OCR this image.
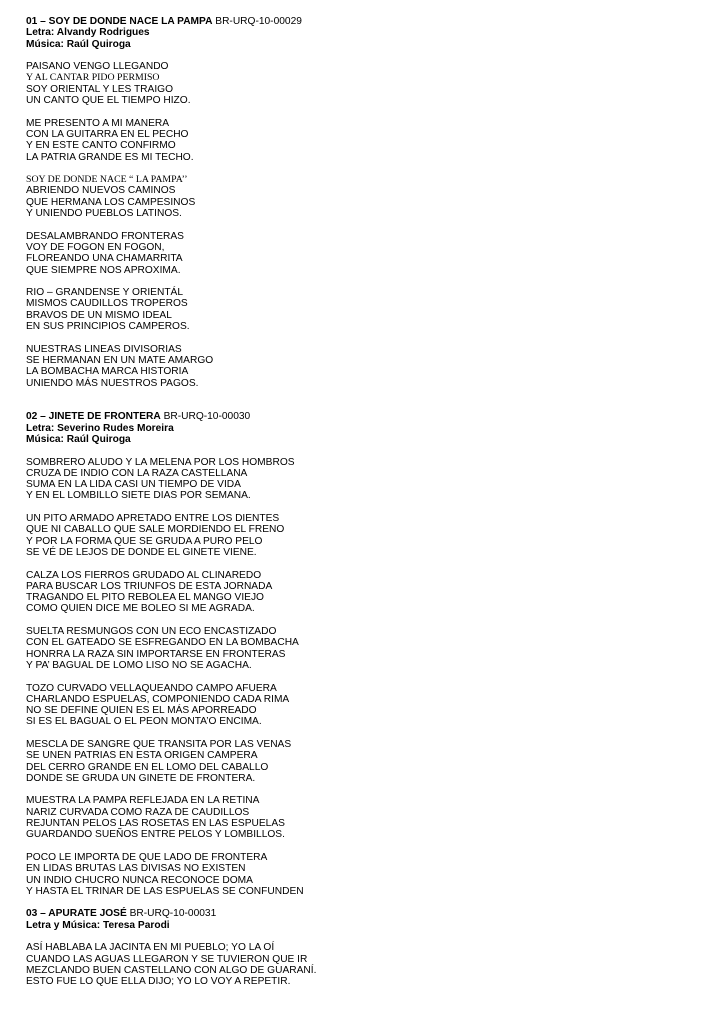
01 – SOY DE DONDE NACE LA PAMPA BR-URQ-10-00029

Letra: Alvandy Rodrigues

Música: Raúl Quiroga

PAISANO VENGO LLEGANDO

Y AL CANTAR PIDO PERMISO

SOY ORIENTAL Y LES TRAIGO

UN CANTO QUE EL TIEMPO HIZO.

ME PRESENTO A MI MANERA

CON LA GUITARRA EN EL PECHO

Y EN ESTE CANTO CONFIRMO

LA PATRIA GRANDE ES MI TECHO.

SOY DE DONDE NACE “ LA PAMPA’’

ABRIENDO NUEVOS CAMINOS

QUE HERMANA LOS CAMPESINOS

Y UNIENDO PUEBLOS LATINOS.

DESALAMBRANDO FRONTERAS

VOY DE FOGON EN FOGON,

FLOREANDO UNA CHAMARRITA

QUE SIEMPRE NOS APROXIMA.

RIO – GRANDENSE Y ORIENTÁL

MISMOS CAUDILLOS TROPEROS

BRAVOS DE UN MISMO IDEAL

EN SUS PRINCIPIOS CAMPEROS.

NUESTRAS LINEAS DIVISORIAS

SE HERMANAN EN UN MATE AMARGO

LA BOMBACHA MARCA HISTORIA

UNIENDO MÁS NUESTROS PAGOS.

02 – JINETE DE FRONTERA BR-URQ-10-00030

Letra: Severino Rudes Moreira

Música: Raúl Quiroga

SOMBRERO ALUDO Y LA MELENA POR LOS HOMBROS

CRUZA DE INDIO CON LA RAZA CASTELLANA

SUMA EN LA LIDA CASI UN TIEMPO DE VIDA

Y EN EL LOMBILLO SIETE DIAS POR SEMANA.

UN PITO ARMADO APRETADO ENTRE LOS DIENTES

QUE NI CABALLO QUE SALE MORDIENDO EL FRENO

Y POR LA FORMA QUE SE GRUDA A PURO PELO

SE VÉ DE LEJOS DE DONDE EL GINETE VIENE.

CALZA LOS FIERROS GRUDADO AL CLINAREDO

PARA BUSCAR LOS TRIUNFOS DE ESTA JORNADA

TRAGANDO EL PITO REBOLEA EL MANGO VIEJO

COMO QUIEN DICE ME BOLEO SI ME AGRADA.

SUELTA RESMUNGOS CON UN ECO ENCASTIZADO

CON EL GATEADO SE ESFREGANDO EN LA BOMBACHA

HONRRA LA RAZA SIN IMPORTARSE EN FRONTERAS

Y PA’ BAGUAL DE LOMO LISO NO SE AGACHA.

TOZO CURVADO VELLAQUEANDO CAMPO AFUERA

CHARLANDO ESPUELAS, COMPONIENDO CADA RIMA

NO SE DEFINE QUIEN ES EL MÁS APORREADO

SI ES EL BAGUAL O EL PEON MONTA’O ENCIMA.

MESCLA DE SANGRE QUE TRANSITA POR LAS VENAS

SE UNEN PATRIAS EN ESTA ORIGEN CAMPERA

DEL CERRO GRANDE EN EL LOMO DEL CABALLO

DONDE SE GRUDA UN GINETE DE FRONTERA.

MUESTRA LA PAMPA REFLEJADA EN LA RETINA

NARIZ CURVADA COMO RAZA DE CAUDILLOS

REJUNTAN PELOS LAS ROSETAS EN LAS ESPUELAS

GUARDANDO SUEÑOS ENTRE PELOS Y LOMBILLOS.

POCO LE IMPORTA DE QUE LADO DE FRONTERA

EN LIDAS BRUTAS LAS DIVISAS NO EXISTEN

UN INDIO CHUCRO NUNCA RECONOCE DOMA

Y HASTA EL TRINAR DE LAS ESPUELAS SE CONFUNDEN

03 – APURATE JOSÉ BR-URQ-10-00031

Letra y Música: Teresa Parodi

ASÍ HABLABA LA JACINTA EN MI PUEBLO; YO LA OÍ

CUANDO LAS AGUAS LLEGARON Y SE TUVIERON QUE IR

MEZCLANDO BUEN CASTELLANO CON ALGO DE GUARANÍ.

ESTO FUE LO QUE ELLA DIJO; YO LO VOY A REPETIR.
